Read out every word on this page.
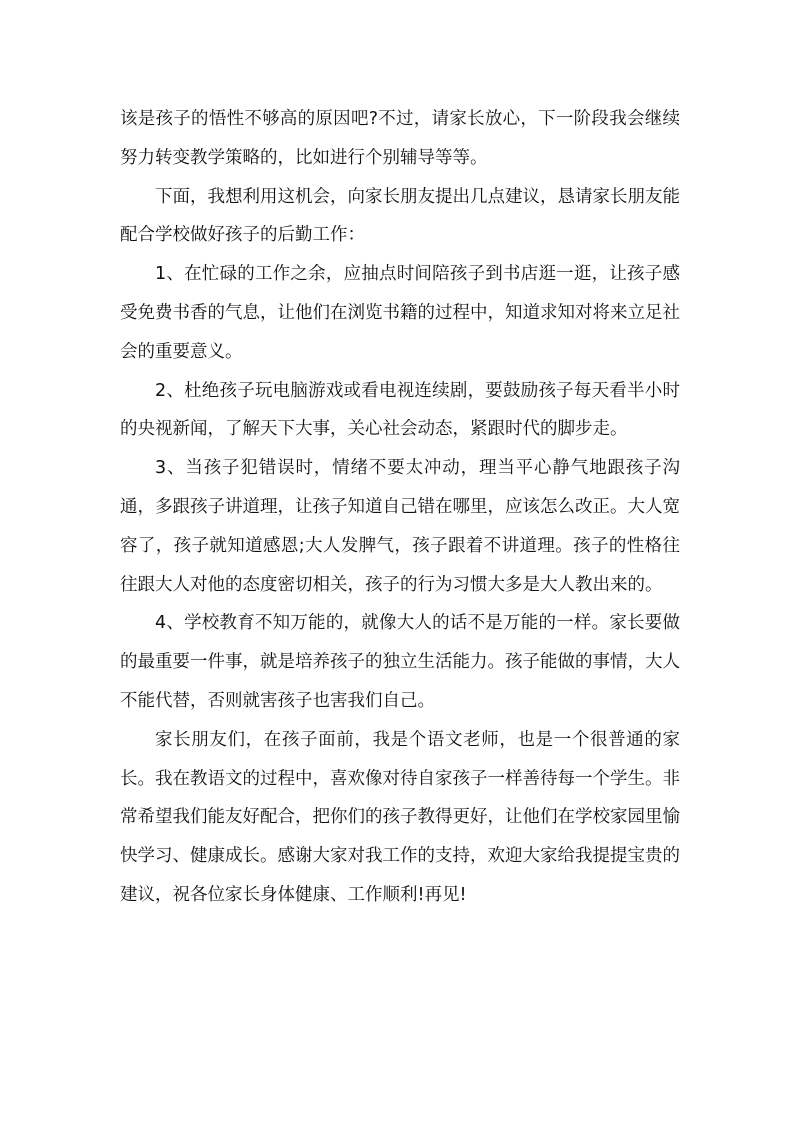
该是孩子的悟性不够高的原因吧?不过，请家长放心，下一阶段我会继续努力转变教学策略的，比如进行个别辅导等等。

下面，我想利用这机会，向家长朋友提出几点建议，恳请家长朋友能配合学校做好孩子的后勤工作：

1、在忙碌的工作之余，应抽点时间陪孩子到书店逛一逛，让孩子感受免费书香的气息，让他们在浏览书籍的过程中，知道求知对将来立足社会的重要意义。

2、杜绝孩子玩电脑游戏或看电视连续剧，要鼓励孩子每天看半小时的央视新闻，了解天下大事，关心社会动态，紧跟时代的脚步走。

3、当孩子犯错误时，情绪不要太冲动，理当平心静气地跟孩子沟通，多跟孩子讲道理，让孩子知道自己错在哪里，应该怎么改正。大人宽容了，孩子就知道感恩;大人发脾气，孩子跟着不讲道理。孩子的性格往往跟大人对他的态度密切相关，孩子的行为习惯大多是大人教出来的。

4、学校教育不知万能的，就像大人的话不是万能的一样。家长要做的最重要一件事，就是培养孩子的独立生活能力。孩子能做的事情，大人不能代替，否则就害孩子也害我们自己。

家长朋友们，在孩子面前，我是个语文老师，也是一个很普通的家长。我在教语文的过程中，喜欢像对待自家孩子一样善待每一个学生。非常希望我们能友好配合，把你们的孩子教得更好，让他们在学校家园里愉快学习、健康成长。感谢大家对我工作的支持，欢迎大家给我提提宝贵的建议，祝各位家长身体健康、工作顺利!再见!
